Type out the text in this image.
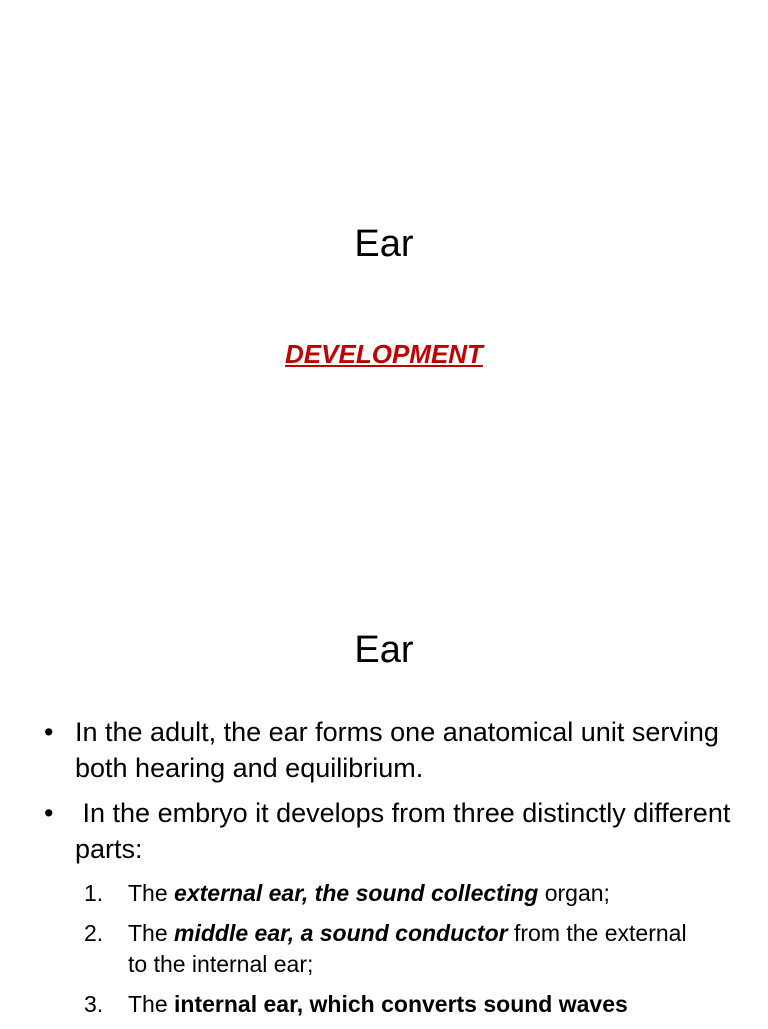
Ear
DEVELOPMENT
Ear
• In the adult, the ear forms one anatomical unit serving both hearing and equilibrium.
• In the embryo it develops from three distinctly different parts:
1. The external ear, the sound collecting organ;
2. The middle ear, a sound conductor from the external to the internal ear;
3. The internal ear, which converts sound waves
